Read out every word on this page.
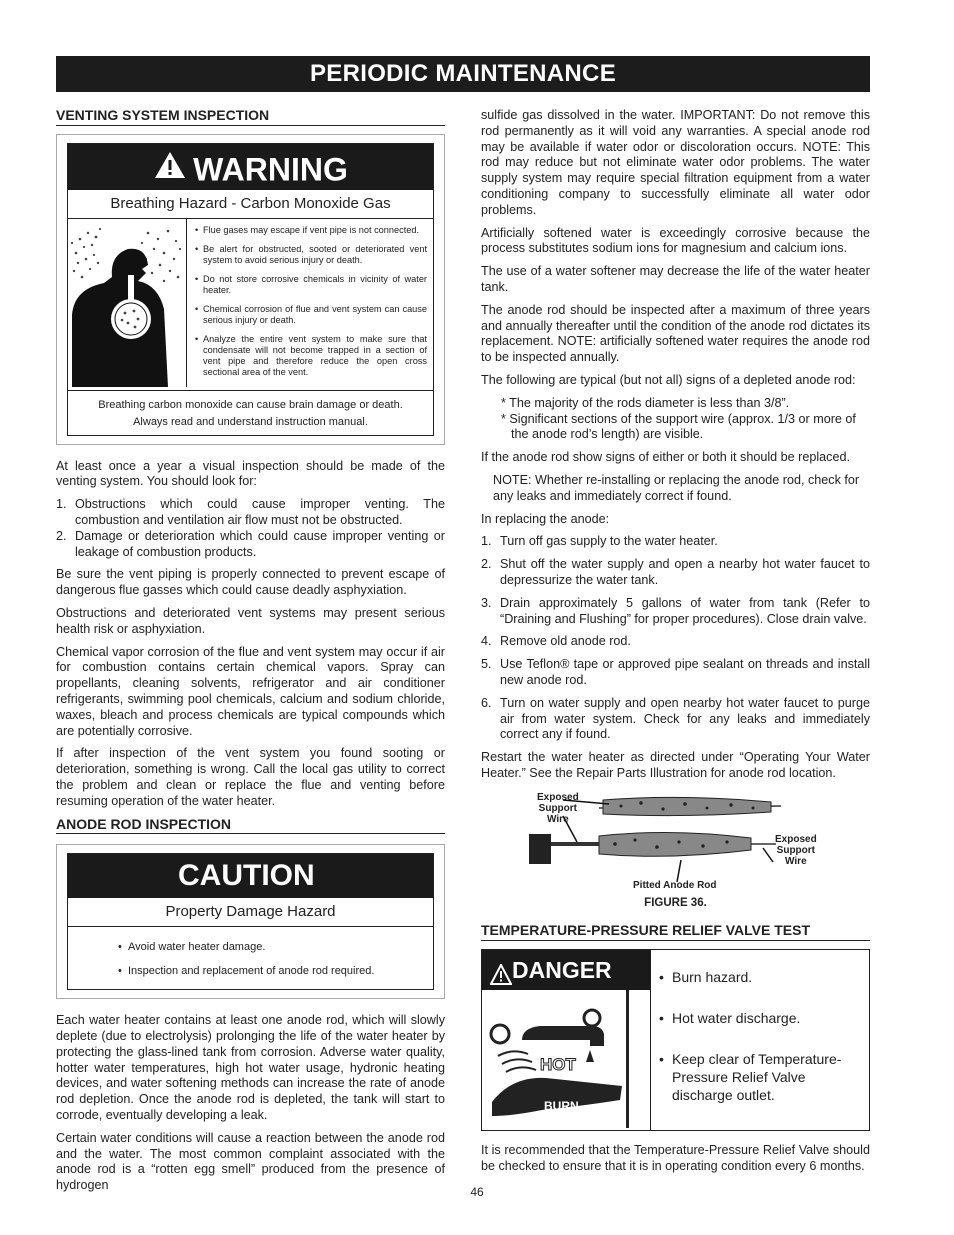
PERIODIC MAINTENANCE
VENTING SYSTEM INSPECTION
WARNING
Breathing Hazard - Carbon Monoxide Gas
• Flue gases may escape if vent pipe is not connected.
• Be alert for obstructed, sooted or deteriorated vent system to avoid serious injury or death.
• Do not store corrosive chemicals in vicinity of water heater.
• Chemical corrosion of flue and vent system can cause serious injury or death.
• Analyze the entire vent system to make sure that condensate will not become trapped in a section of vent pipe and therefore reduce the open cross sectional area of the vent.
Breathing carbon monoxide can cause brain damage or death.
Always read and understand instruction manual.

At least once a year a visual inspection should be made of the venting system. You should look for:

1. Obstructions which could cause improper venting. The combustion and ventilation air flow must not be obstructed.
2. Damage or deterioration which could cause improper venting or leakage of combustion products.

Be sure the vent piping is properly connected to prevent escape of dangerous flue gasses which could cause deadly asphyxiation.

Obstructions and deteriorated vent systems may present serious health risk or asphyxiation.

Chemical vapor corrosion of the flue and vent system may occur if air for combustion contains certain chemical vapors. Spray can propellants, cleaning solvents, refrigerator and air conditioner refrigerants, swimming pool chemicals, calcium and sodium chloride, waxes, bleach and process chemicals are typical compounds which are potentially corrosive.

If after inspection of the vent system you found sooting or deterioration, something is wrong. Call the local gas utility to correct the problem and clean or replace the flue and venting before resuming operation of the water heater.

ANODE ROD INSPECTION
CAUTION
Property Damage Hazard
• Avoid water heater damage.
• Inspection and replacement of anode rod required.

Each water heater contains at least one anode rod, which will slowly deplete (due to electrolysis) prolonging the life of the water heater by protecting the glass-lined tank from corrosion. Adverse water quality, hotter water temperatures, high hot water usage, hydronic heating devices, and water softening methods can increase the rate of anode rod depletion. Once the anode rod is depleted, the tank will start to corrode, eventually developing a leak.

Certain water conditions will cause a reaction between the anode rod and the water. The most common complaint associated with the anode rod is a “rotten egg smell” produced from the presence of hydrogen

sulfide gas dissolved in the water. IMPORTANT: Do not remove this rod permanently as it will void any warranties. A special anode rod may be available if water odor or discoloration occurs. NOTE: This rod may reduce but not eliminate water odor problems. The water supply system may require special filtration equipment from a water conditioning company to successfully eliminate all water odor problems.

Artificially softened water is exceedingly corrosive because the process substitutes sodium ions for magnesium and calcium ions.

The use of a water softener may decrease the life of the water heater tank.

The anode rod should be inspected after a maximum of three years and annually thereafter until the condition of the anode rod dictates its replacement. NOTE: artificially softened water requires the anode rod to be inspected annually.

The following are typical (but not all) signs of a depleted anode rod:

* The majority of the rods diameter is less than 3/8”.
* Significant sections of the support wire (approx. 1/3 or more of the anode rod’s length) are visible.

If the anode rod show signs of either or both it should be replaced.

NOTE: Whether re-installing or replacing the anode rod, check for any leaks and immediately correct if found.

In replacing the anode:

1. Turn off gas supply to the water heater.
2. Shut off the water supply and open a nearby hot water faucet to depressurize the water tank.
3. Drain approximately 5 gallons of water from tank (Refer to “Draining and Flushing” for proper procedures). Close drain valve.
4. Remove old anode rod.
5. Use Teflon® tape or approved pipe sealant on threads and install new anode rod.
6. Turn on water supply and open nearby hot water faucet to purge air from water system. Check for any leaks and immediately correct any if found.

Restart the water heater as directed under “Operating Your Water Heater.” See the Repair Parts Illustration for anode rod location.

Exposed
Support
Wire
Exposed
Support
Wire
Pitted Anode Rod
FIGURE 36.
TEMPERATURE-PRESSURE RELIEF VALVE TEST
DANGER
HOT
BURN
• Burn hazard.
• Hot water discharge.
• Keep clear of Temperature-Pressure Relief Valve discharge outlet.

It is recommended that the Temperature-Pressure Relief Valve should be checked to ensure that it is in operating condition every 6 months.

46
